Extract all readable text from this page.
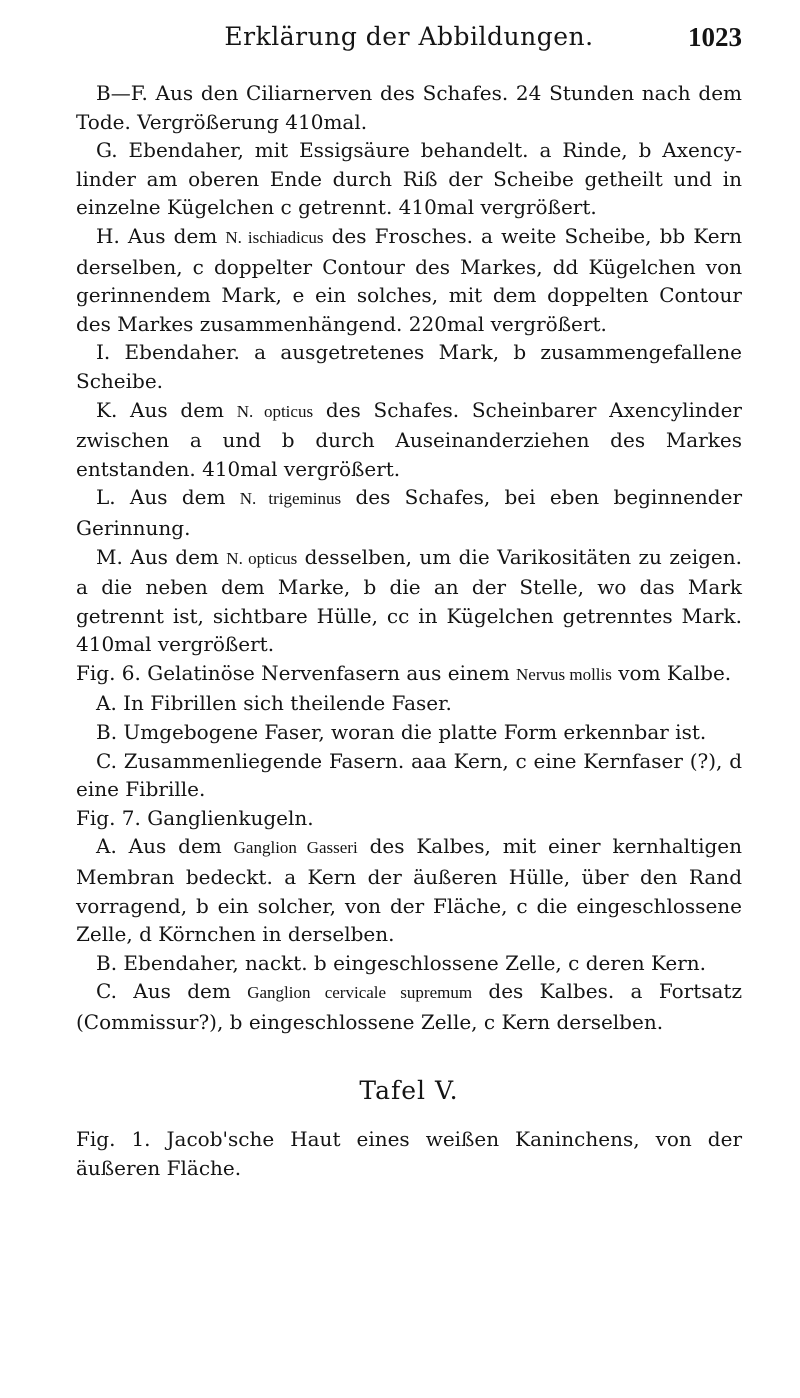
Erklärung der Abbildungen.	1023

B—F. Aus den Ciliarnerven des Schafes. 24 Stunden nach dem Tode. Vergrößerung 410mal.

G. Ebendaher, mit Essigsäure behandelt. a Rinde, b Axency-linder am oberen Ende durch Riß der Scheibe getheilt und in einzelne Kügelchen c getrennt. 410mal vergrößert.

H. Aus dem N. ischiadicus des Frosches. a weite Scheibe, bb Kern derselben, c doppelter Contour des Markes, dd Kügelchen von gerinnendem Mark, e ein solches, mit dem doppelten Contour des Markes zusammenhängend. 220mal vergrößert.

I. Ebendaher. a ausgetretenes Mark, b zusammengefallene Scheibe.

K. Aus dem N. opticus des Schafes. Scheinbarer Axencylinder zwischen a und b durch Auseinanderziehen des Markes entstanden. 410mal vergrößert.

L. Aus dem N. trigeminus des Schafes, bei eben beginnender Gerinnung.

M. Aus dem N. opticus desselben, um die Varikositäten zu zeigen. a die neben dem Marke, b die an der Stelle, wo das Mark getrennt ist, sichtbare Hülle, cc in Kügelchen getrenntes Mark. 410mal vergrößert.

Fig. 6. Gelatinöse Nervenfasern aus einem Nervus mollis vom Kalbe.

A. In Fibrillen sich theilende Faser.

B. Umgebogene Faser, woran die platte Form erkennbar ist.

C. Zusammenliegende Fasern. aaa Kern, c eine Kernfaser (?), d eine Fibrille.

Fig. 7. Ganglienkugeln.

A. Aus dem Ganglion Gasseri des Kalbes, mit einer kernhaltigen Membran bedeckt. a Kern der äußeren Hülle, über den Rand vorragend, b ein solcher, von der Fläche, c die eingeschlossene Zelle, d Körnchen in derselben.

B. Ebendaher, nackt. b eingeschlossene Zelle, c deren Kern.

C. Aus dem Ganglion cervicale supremum des Kalbes. a Fortsatz (Commissur?), b eingeschlossene Zelle, c Kern derselben.

Tafel V.

Fig. 1. Jacob'sche Haut eines weißen Kaninchens, von der äußeren Fläche.
